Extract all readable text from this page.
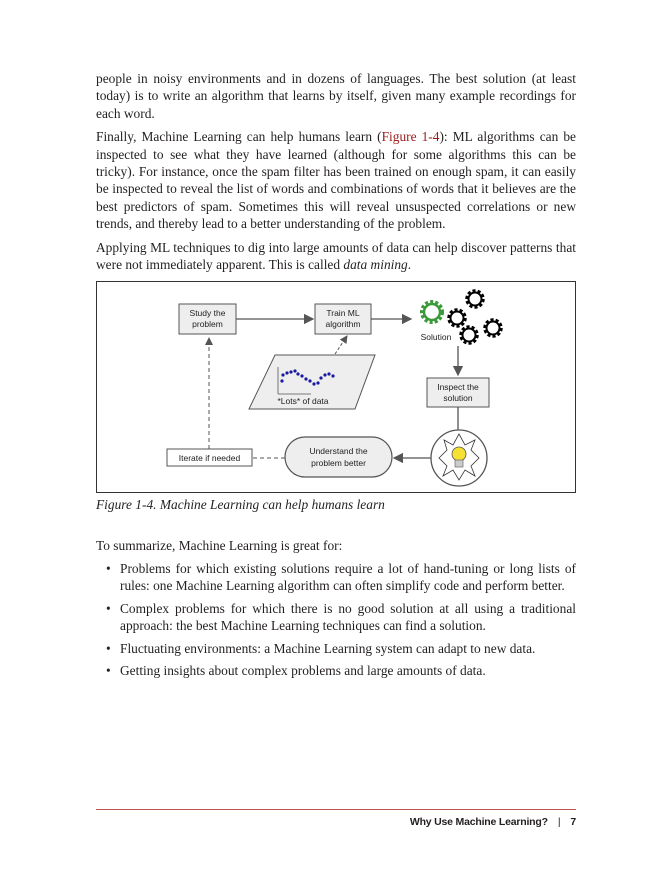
people in noisy environments and in dozens of languages. The best solution (at least today) is to write an algorithm that learns by itself, given many example recordings for each word.

Finally, Machine Learning can help humans learn (Figure 1-4): ML algorithms can be inspected to see what they have learned (although for some algorithms this can be tricky). For instance, once the spam filter has been trained on enough spam, it can easily be inspected to reveal the list of words and combinations of words that it believes are the best predictors of spam. Sometimes this will reveal unsuspected correlations or new trends, and thereby lead to a better understanding of the problem.

Applying ML techniques to dig into large amounts of data can help discover patterns that were not immediately apparent. This is called data mining.

Study the
problem
Train ML
algorithm
Solution
Inspect the
solution
Understand the
problem better
Iterate if needed
*Lots* of data
Figure 1-4. Machine Learning can help humans learn
To summarize, Machine Learning is great for:
• Problems for which existing solutions require a lot of hand-tuning or long lists of rules: one Machine Learning algorithm can often simplify code and perform better.
• Complex problems for which there is no good solution at all using a traditional approach: the best Machine Learning techniques can find a solution.
• Fluctuating environments: a Machine Learning system can adapt to new data.
• Getting insights about complex problems and large amounts of data.
Why Use Machine Learning? | 7
